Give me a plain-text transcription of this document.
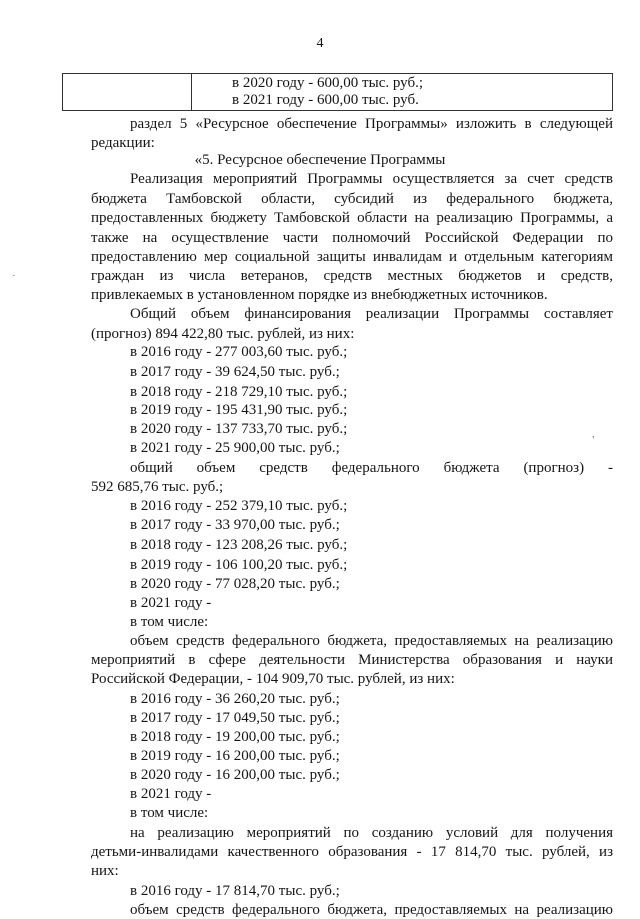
4

в 2020 году - 600,00 тыс. руб.;
в 2021 году - 600,00 тыс. руб.
раздел 5 «Ресурсное обеспечение Программы» изложить в следующей
редакции:
«5. Ресурсное обеспечение Программы
Реализация мероприятий Программы осуществляется за счет средств
бюджета Тамбовской области, субсидий из федерального бюджета,
предоставленных бюджету Тамбовской области на реализацию Программы, а
также на осуществление части полномочий Российской Федерации по
предоставлению мер социальной защиты инвалидам и отдельным категориям
граждан из числа ветеранов, средств местных бюджетов и средств,
привлекаемых в установленном порядке из внебюджетных источников.
Общий объем финансирования реализации Программы составляет
(прогноз) 894 422,80 тыс. рублей, из них:
в 2016 году - 277 003,60 тыс. руб.;
в 2017 году - 39 624,50 тыс. руб.;
в 2018 году - 218 729,10 тыс. руб.;
в 2019 году - 195 431,90 тыс. руб.;
в 2020 году - 137 733,70 тыс. руб.;
в 2021 году - 25 900,00 тыс. руб.;
общий объем средств федерального бюджета (прогноз) -
592 685,76 тыс. руб.;
в 2016 году - 252 379,10 тыс. руб.;
в 2017 году - 33 970,00 тыс. руб.;
в 2018 году - 123 208,26 тыс. руб.;
в 2019 году - 106 100,20 тыс. руб.;
в 2020 году - 77 028,20 тыс. руб.;
в 2021 году -
в том числе:
объем средств федерального бюджета, предоставляемых на реализацию
мероприятий в сфере деятельности Министерства образования и науки
Российской Федерации, - 104 909,70 тыс. рублей, из них:
в 2016 году - 36 260,20 тыс. руб.;
в 2017 году - 17 049,50 тыс. руб.;
в 2018 году - 19 200,00 тыс. руб.;
в 2019 году - 16 200,00 тыс. руб.;
в 2020 году - 16 200,00 тыс. руб.;
в 2021 году -
в том числе:
на реализацию мероприятий по созданию условий для получения
детьми-инвалидами качественного образования - 17 814,70 тыс. рублей, из
них:
в 2016 году - 17 814,70 тыс. руб.;
объем средств федерального бюджета, предоставляемых на реализацию
·
,
